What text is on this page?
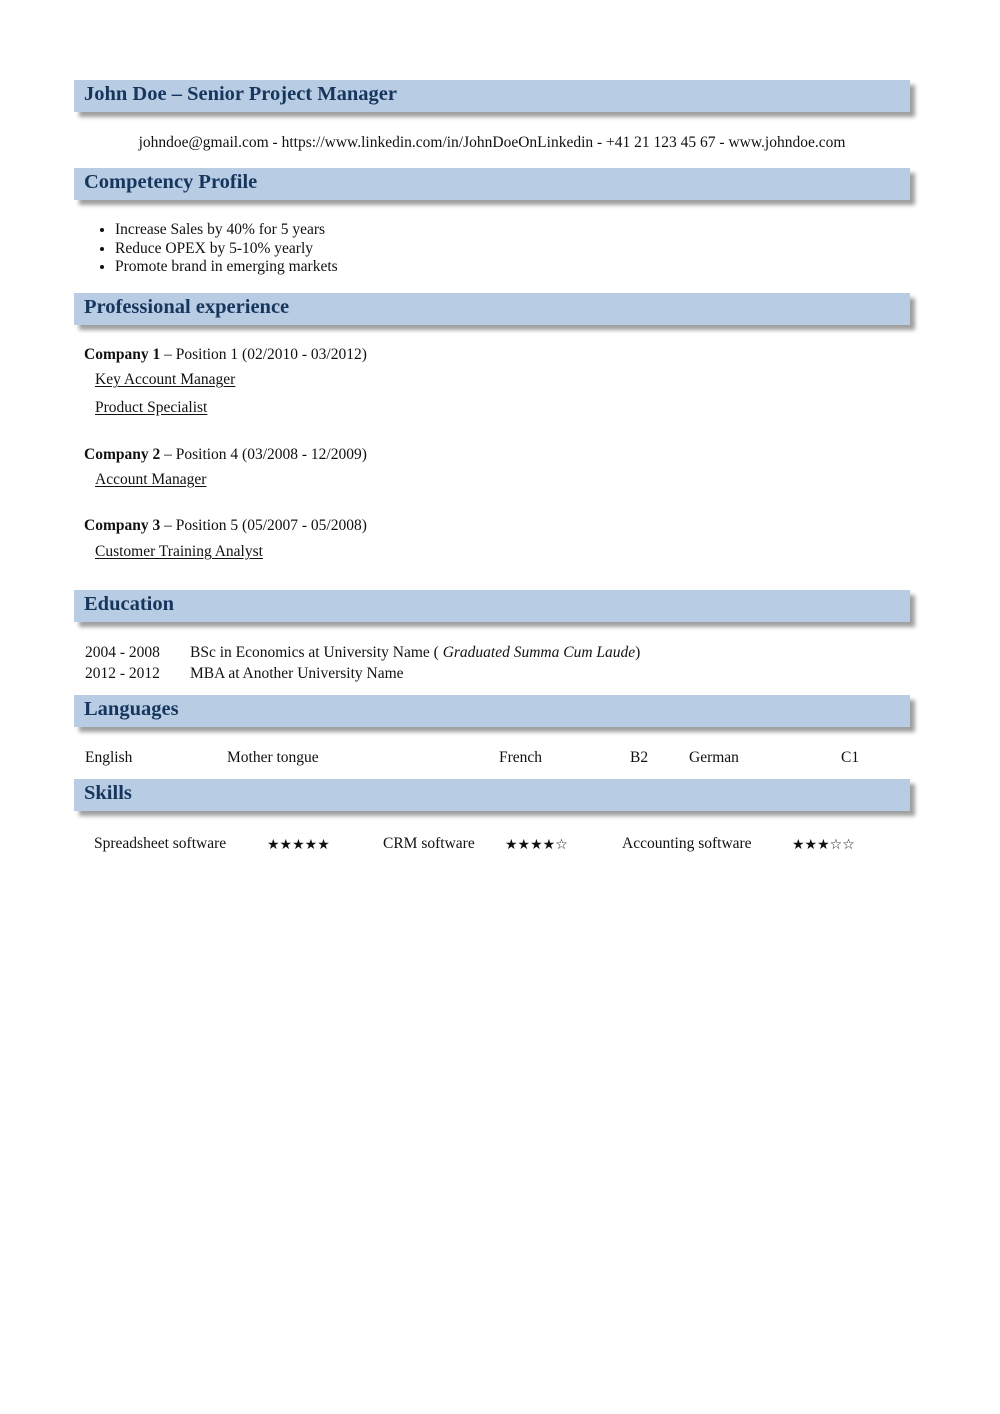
John Doe – Senior Project Manager
johndoe@gmail.com - https://www.linkedin.com/in/JohnDoeOnLinkedin - +41 21 123 45 67 - www.johndoe.com
Competency Profile
• Increase Sales by 40% for 5 years
• Reduce OPEX by 5-10% yearly
• Promote brand in emerging markets
Professional experience
Company 1 – Position 1 (02/2010 - 03/2012)
Key Account Manager
Product Specialist
Company 2 – Position 4 (03/2008 - 12/2009)
Account Manager
Company 3 – Position 5 (05/2007 - 05/2008)
Customer Training Analyst
Education
2004 - 2008 BSc in Economics at University Name ( Graduated Summa Cum Laude)
2012 - 2012 MBA at Another University Name
Languages
English	Mother tongue	French	B2	German	C1
Skills
Spreadsheet software	★★★★★	CRM software ★★★★☆	Accounting software	★★★☆☆
